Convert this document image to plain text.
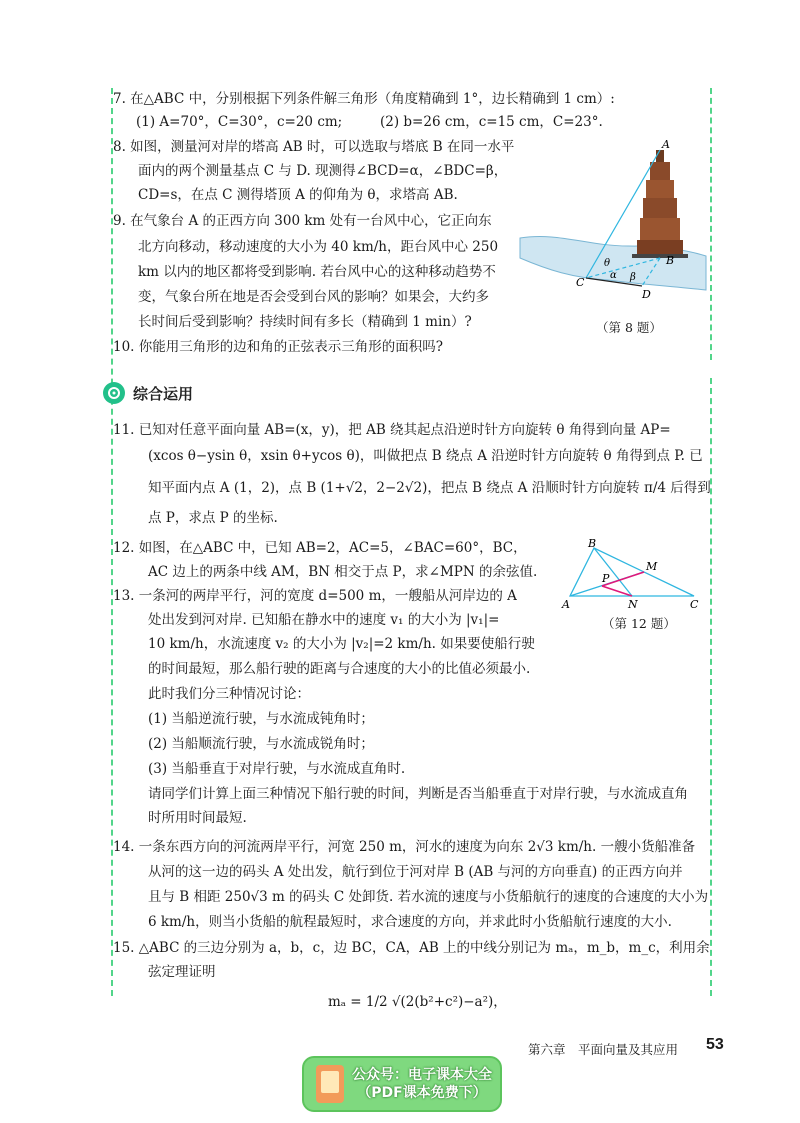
7. 在△ABC 中，分别根据下列条件解三角形（角度精确到 1°，边长精确到 1 cm）:
(1) A=70°，C=30°，c=20 cm;	(2) b=26 cm，c=15 cm，C=23°.
8. 如图，测量河对岸的塔高 AB 时，可以选取与塔底 B 在同一水平
面内的两个测量基点 C 与 D. 现测得∠BCD=α，∠BDC=β，
CD=s，在点 C 测得塔顶 A 的仰角为 θ，求塔高 AB.
9. 在气象台 A 的正西方向 300 km 处有一台风中心，它正向东
北方向移动，移动速度的大小为 40 km/h，距台风中心 250
km 以内的地区都将受到影响. 若台风中心的这种移动趋势不
变，气象台所在地是否会受到台风的影响？如果会，大约多
长时间后受到影响？持续时间有多长（精确到 1 min）?
10. 你能用三角形的边和角的正弦表示三角形的面积吗?
A
B
C
D
θ
α β
（第 8 题）
综合运用
11. 已知对任意平面向量 AB=(x，y)，把 AB 绕其起点沿逆时针方向旋转 θ 角得到向量 AP=
(xcos θ−ysin θ，xsin θ+ycos θ)，叫做把点 B 绕点 A 沿逆时针方向旋转 θ 角得到点 P. 已
知平面内点 A (1，2)，点 B (1+√2，2−2√2)，把点 B 绕点 A 沿顺时针方向旋转 π/4 后得到
点 P，求点 P 的坐标.
12. 如图，在△ABC 中，已知 AB=2，AC=5，∠BAC=60°，BC，
AC 边上的两条中线 AM，BN 相交于点 P，求∠MPN 的余弦值.
B
M
P
A	N	C
（第 12 题）
13. 一条河的两岸平行，河的宽度 d=500 m，一艘船从河岸边的 A
处出发到河对岸. 已知船在静水中的速度 v₁ 的大小为 |v₁|=
10 km/h，水流速度 v₂ 的大小为 |v₂|=2 km/h. 如果要使船行驶
的时间最短，那么船行驶的距离与合速度的大小的比值必须最小.
此时我们分三种情况讨论：
(1) 当船逆流行驶，与水流成钝角时；
(2) 当船顺流行驶，与水流成锐角时；
(3) 当船垂直于对岸行驶，与水流成直角时.
请同学们计算上面三种情况下船行驶的时间，判断是否当船垂直于对岸行驶，与水流成直角
时所用时间最短.
14. 一条东西方向的河流两岸平行，河宽 250 m，河水的速度为向东 2√3 km/h. 一艘小货船准备
从河的这一边的码头 A 处出发，航行到位于河对岸 B (AB 与河的方向垂直) 的正西方向并
且与 B 相距 250√3 m 的码头 C 处卸货. 若水流的速度与小货船航行的速度的合速度的大小为
6 km/h，则当小货船的航程最短时，求合速度的方向，并求此时小货船航行速度的大小.
15. △ABC 的三边分别为 a，b，c，边 BC，CA，AB 上的中线分别记为 mₐ，m_b，m_c，利用余
弦定理证明
mₐ = 1/2 √(2(b²+c²)−a²)，
第六章　平面向量及其应用 53
公众号：电子课本大全
（PDF课本免费下）
